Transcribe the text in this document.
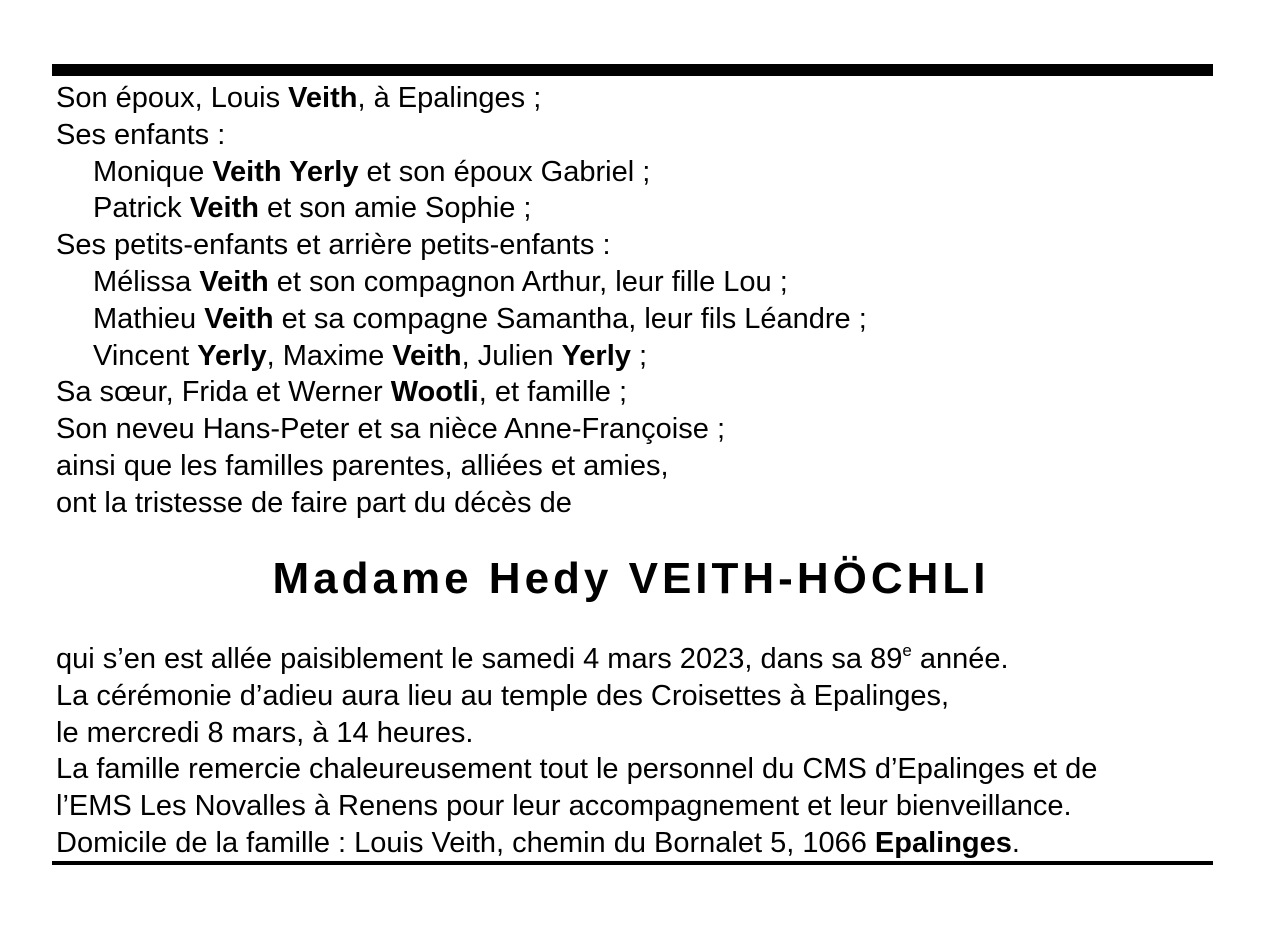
Son époux, Louis Veith, à Epalinges ;
Ses enfants :
Monique Veith Yerly et son époux Gabriel ;
Patrick Veith et son amie Sophie ;
Ses petits-enfants et arrière petits-enfants :
Mélissa Veith et son compagnon Arthur, leur fille Lou ;
Mathieu Veith et sa compagne Samantha, leur fils Léandre ;
Vincent Yerly, Maxime Veith, Julien Yerly ;
Sa sœur, Frida et Werner Wootli, et famille ;
Son neveu Hans-Peter et sa nièce Anne-Françoise ;
ainsi que les familles parentes, alliées et amies,
ont la tristesse de faire part du décès de
Madame Hedy VEITH-HÖCHLI
qui s’en est allée paisiblement le samedi 4 mars 2023, dans sa 89e année.
La cérémonie d’adieu aura lieu au temple des Croisettes à Epalinges,
le mercredi 8 mars, à 14 heures.
La famille remercie chaleureusement tout le personnel du CMS d’Epalinges et de
l’EMS Les Novalles à Renens pour leur accompagnement et leur bienveillance.
Domicile de la famille : Louis Veith, chemin du Bornalet 5, 1066 Epalinges.
